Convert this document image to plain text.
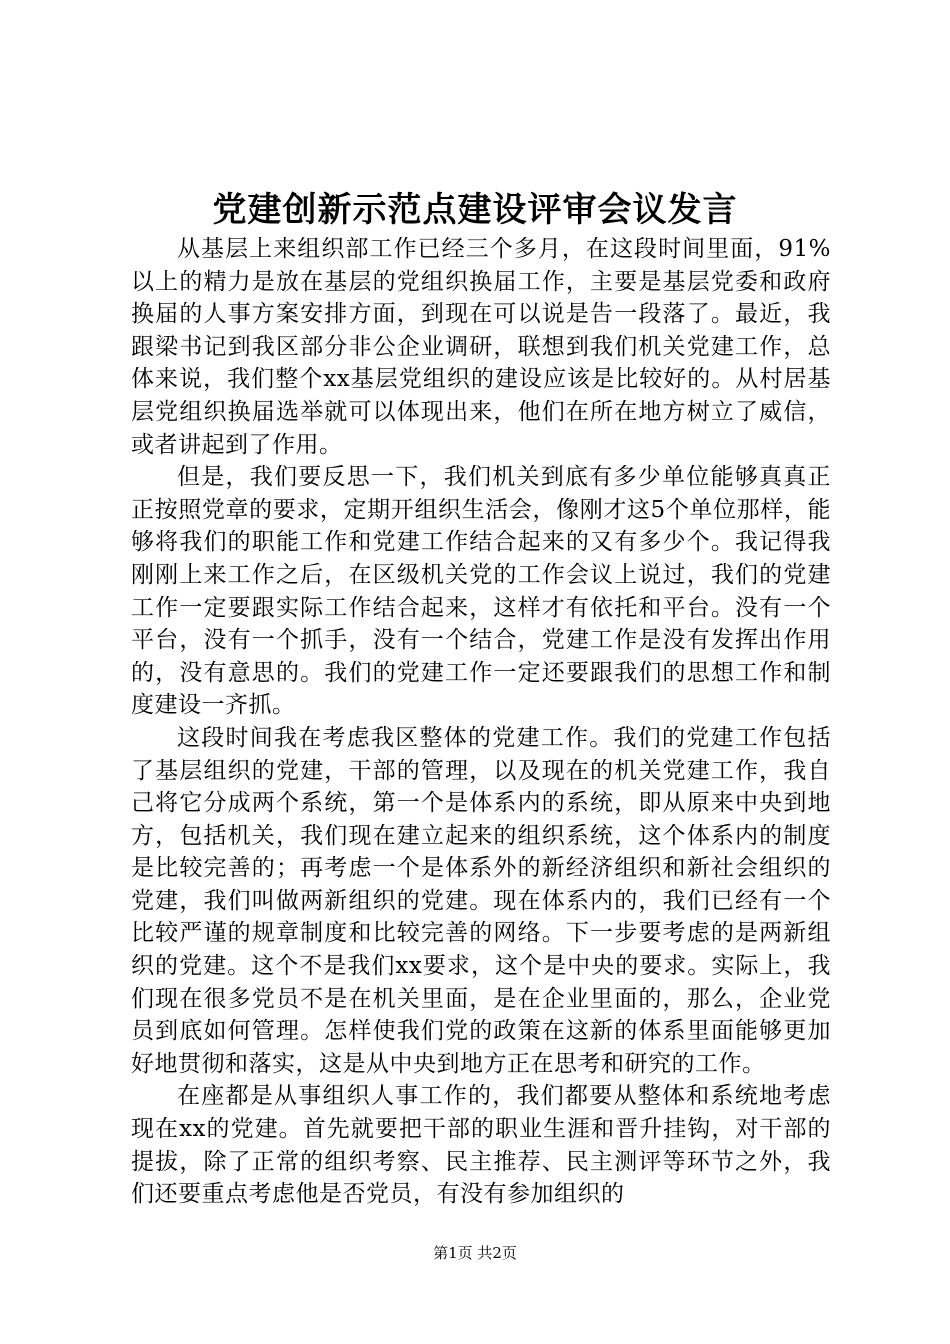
党建创新示范点建设评审会议发言

从基层上来组织部工作已经三个多月，在这段时间里面，91%以上的精力是放在基层的党组织换届工作，主要是基层党委和政府换届的人事方案安排方面，到现在可以说是告一段落了。最近，我跟梁书记到我区部分非公企业调研，联想到我们机关党建工作，总体来说，我们整个xx基层党组织的建设应该是比较好的。从村居基层党组织换届选举就可以体现出来，他们在所在地方树立了威信，或者讲起到了作用。

但是，我们要反思一下，我们机关到底有多少单位能够真真正正按照党章的要求，定期开组织生活会，像刚才这5个单位那样，能够将我们的职能工作和党建工作结合起来的又有多少个。我记得我刚刚上来工作之后，在区级机关党的工作会议上说过，我们的党建工作一定要跟实际工作结合起来，这样才有依托和平台。没有一个平台，没有一个抓手，没有一个结合，党建工作是没有发挥出作用的，没有意思的。我们的党建工作一定还要跟我们的思想工作和制度建设一齐抓。

这段时间我在考虑我区整体的党建工作。我们的党建工作包括了基层组织的党建，干部的管理，以及现在的机关党建工作，我自己将它分成两个系统，第一个是体系内的系统，即从原来中央到地方，包括机关，我们现在建立起来的组织系统，这个体系内的制度是比较完善的；再考虑一个是体系外的新经济组织和新社会组织的党建，我们叫做两新组织的党建。现在体系内的，我们已经有一个比较严谨的规章制度和比较完善的网络。下一步要考虑的是两新组织的党建。这个不是我们xx要求，这个是中央的要求。实际上，我们现在很多党员不是在机关里面，是在企业里面的，那么，企业党员到底如何管理。怎样使我们党的政策在这新的体系里面能够更加好地贯彻和落实，这是从中央到地方正在思考和研究的工作。

在座都是从事组织人事工作的，我们都要从整体和系统地考虑现在xx的党建。首先就要把干部的职业生涯和晋升挂钩，对干部的提拔，除了正常的组织考察、民主推荐、民主测评等环节之外，我们还要重点考虑他是否党员，有没有参加组织的

第1页 共2页
